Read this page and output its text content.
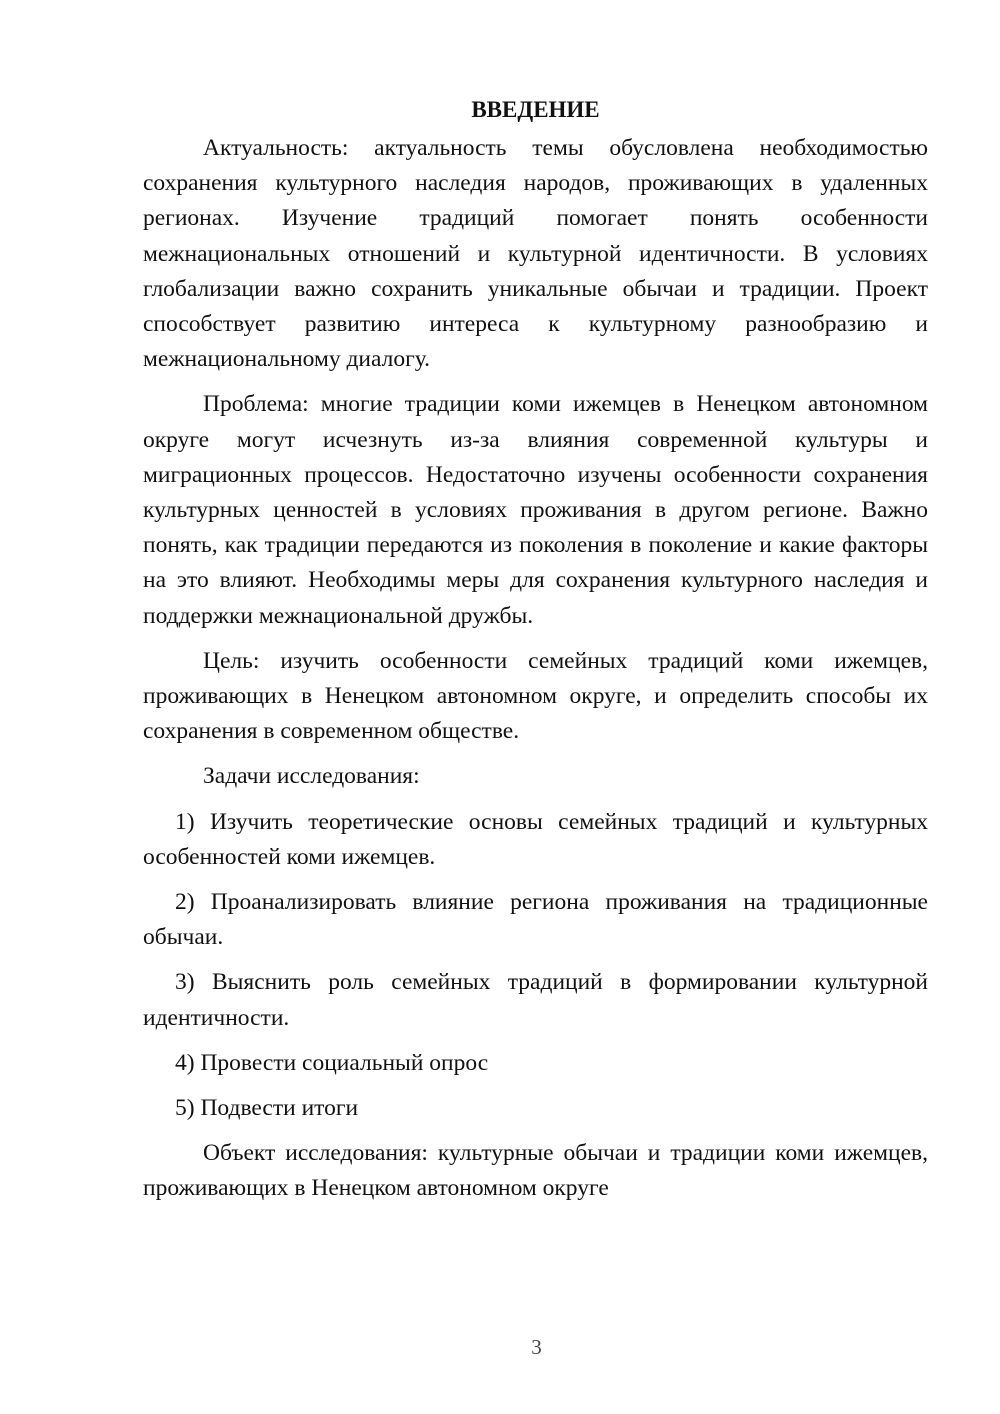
ВВЕДЕНИЕ

Актуальность: актуальность темы обусловлена необходимостью сохранения культурного наследия народов, проживающих в удаленных регионах. Изучение традиций помогает понять особенности межнациональных отношений и культурной идентичности. В условиях глобализации важно сохранить уникальные обычаи и традиции. Проект способствует развитию интереса к культурному разнообразию и межнациональному диалогу.

Проблема: многие традиции коми ижемцев в Ненецком автономном округе могут исчезнуть из-за влияния современной культуры и миграционных процессов. Недостаточно изучены особенности сохранения культурных ценностей в условиях проживания в другом регионе. Важно понять, как традиции передаются из поколения в поколение и какие факторы на это влияют. Необходимы меры для сохранения культурного наследия и поддержки межнациональной дружбы.

Цель: изучить особенности семейных традиций коми ижемцев, проживающих в Ненецком автономном округе, и определить способы их сохранения в современном обществе.

Задачи исследования:

1) Изучить теоретические основы семейных традиций и культурных особенностей коми ижемцев.

2) Проанализировать влияние региона проживания на традиционные обычаи.

3) Выяснить роль семейных традиций в формировании культурной идентичности.

4) Провести социальный опрос

5) Подвести итоги

Объект исследования: культурные обычаи и традиции коми ижемцев, проживающих в Ненецком автономном округе

3
